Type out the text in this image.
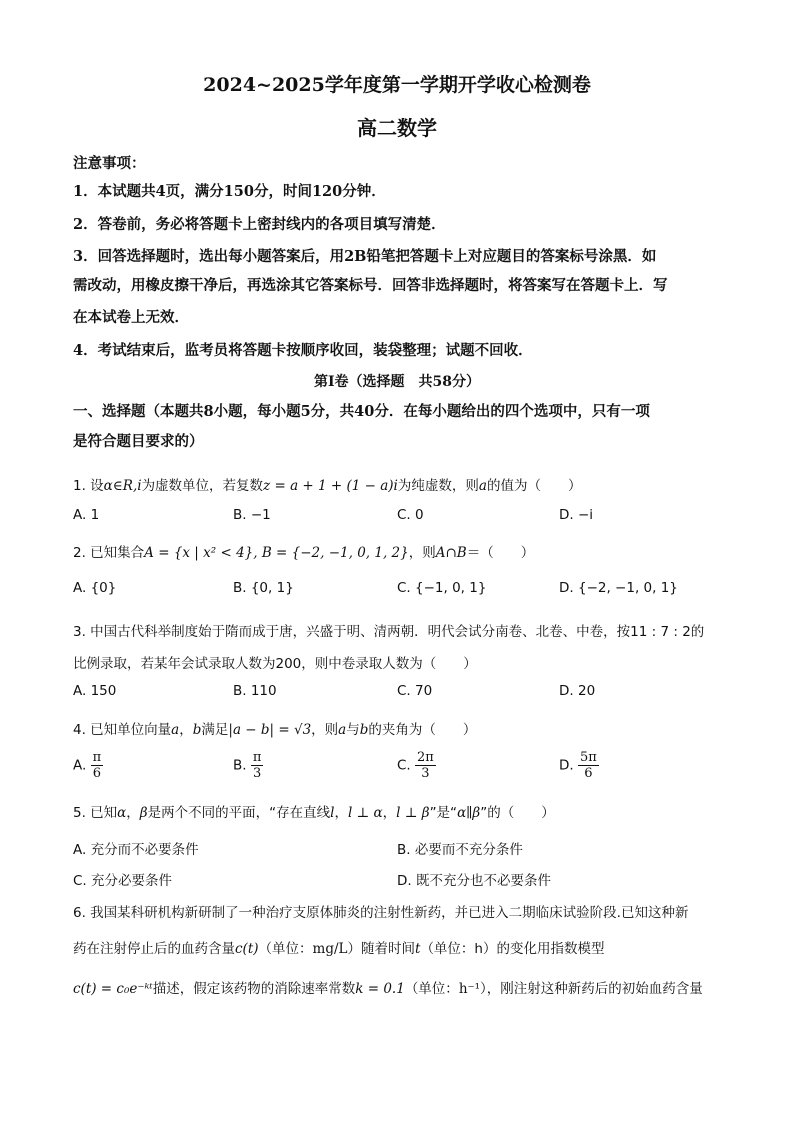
2024~2025学年度第一学期开学收心检测卷
高二数学
注意事项：
1．本试题共4页，满分150分，时间120分钟．
2．答卷前，务必将答题卡上密封线内的各项目填写清楚．
3．回答选择题时，选出每小题答案后，用2B铅笔把答题卡上对应题目的答案标号涂黑．如
需改动，用橡皮擦干净后，再选涂其它答案标号．回答非选择题时，将答案写在答题卡上．写
在本试卷上无效．
4．考试结束后，监考员将答题卡按顺序收回，装袋整理；试题不回收．
第Ⅰ卷（选择题　共58分）
一、选择题（本题共8小题，每小题5分，共40分．在每小题给出的四个选项中，只有一项
是符合题目要求的）
1. 设α∈R,i为虚数单位，若复数z = a + 1 + (1 − a)i为纯虚数，则a的值为（　　）
A. 1	B. −1	C. 0	D. −i
2. 已知集合A = {x | x² < 4}, B = {−2, −1, 0, 1, 2}，则A∩B＝（　　）
A. {0}	B. {0, 1}	C. {−1, 0, 1}	D. {−2, −1, 0, 1}
3. 中国古代科举制度始于隋而成于唐，兴盛于明、清两朝．明代会试分南卷、北卷、中卷，按11 : 7 : 2的
比例录取，若某年会试录取人数为200，则中卷录取人数为（　　）
A. 150	B. 110	C. 70	D. 20
4. 已知单位向量a，b满足|a − b| = √3，则a与b的夹角为（　　）
A. $\frac{\pi}{6}$	B. $\frac{\pi}{3}$	C. $\frac{2\pi}{3}$	D. $\frac{5\pi}{6}$
5. 已知α，β是两个不同的平面，“存在直线l，l ⊥ α，l ⊥ β”是“α∥β”的（　　）
A. 充分而不必要条件	B. 必要而不充分条件
C. 充分必要条件	D. 既不充分也不必要条件
6. 我国某科研机构新研制了一种治疗支原体肺炎的注射性新药，并已进入二期临床试验阶段.已知这种新
药在注射停止后的血药含量c(t)（单位：mg/L）随着时间t（单位：h）的变化用指数模型
c(t) = c₀e⁻ᵏᵗ描述，假定该药物的消除速率常数k = 0.1（单位：h⁻¹），刚注射这种新药后的初始血药含量
